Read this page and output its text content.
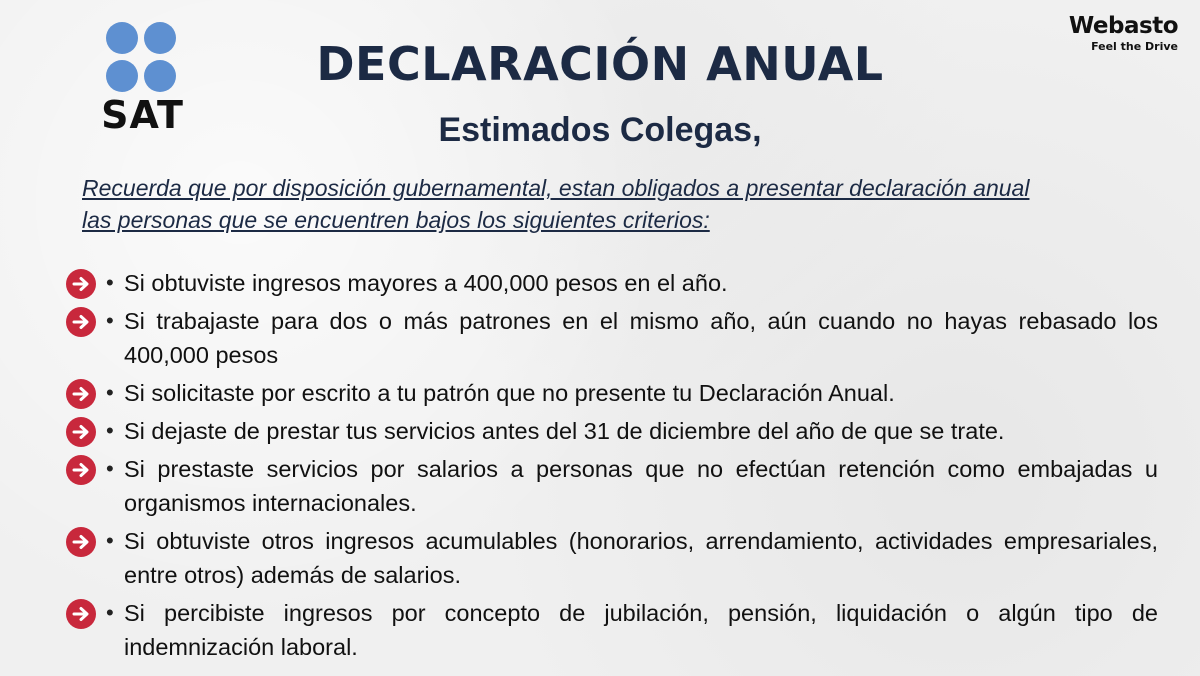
SAT
Webasto
Feel the Drive
DECLARACIÓN ANUAL
Estimados Colegas,
Recuerda que por disposición gubernamental, estan obligados a presentar declaración anual
las personas que se encuentren bajos los siguientes criterios:
• Si obtuviste ingresos mayores a 400,000 pesos en el año.
• Si trabajaste para dos o más patrones en el mismo año, aún cuando no hayas rebasado los 400,000 pesos
• Si solicitaste por escrito a tu patrón que no presente tu Declaración Anual.
• Si dejaste de prestar tus servicios antes del 31 de diciembre del año de que se trate.
• Si prestaste servicios por salarios a personas que no efectúan retención como embajadas u organismos internacionales.
• Si obtuviste otros ingresos acumulables (honorarios, arrendamiento, actividades empresariales, entre otros) además de salarios.
• Si percibiste ingresos por concepto de jubilación, pensión, liquidación o algún tipo de indemnización laboral.
